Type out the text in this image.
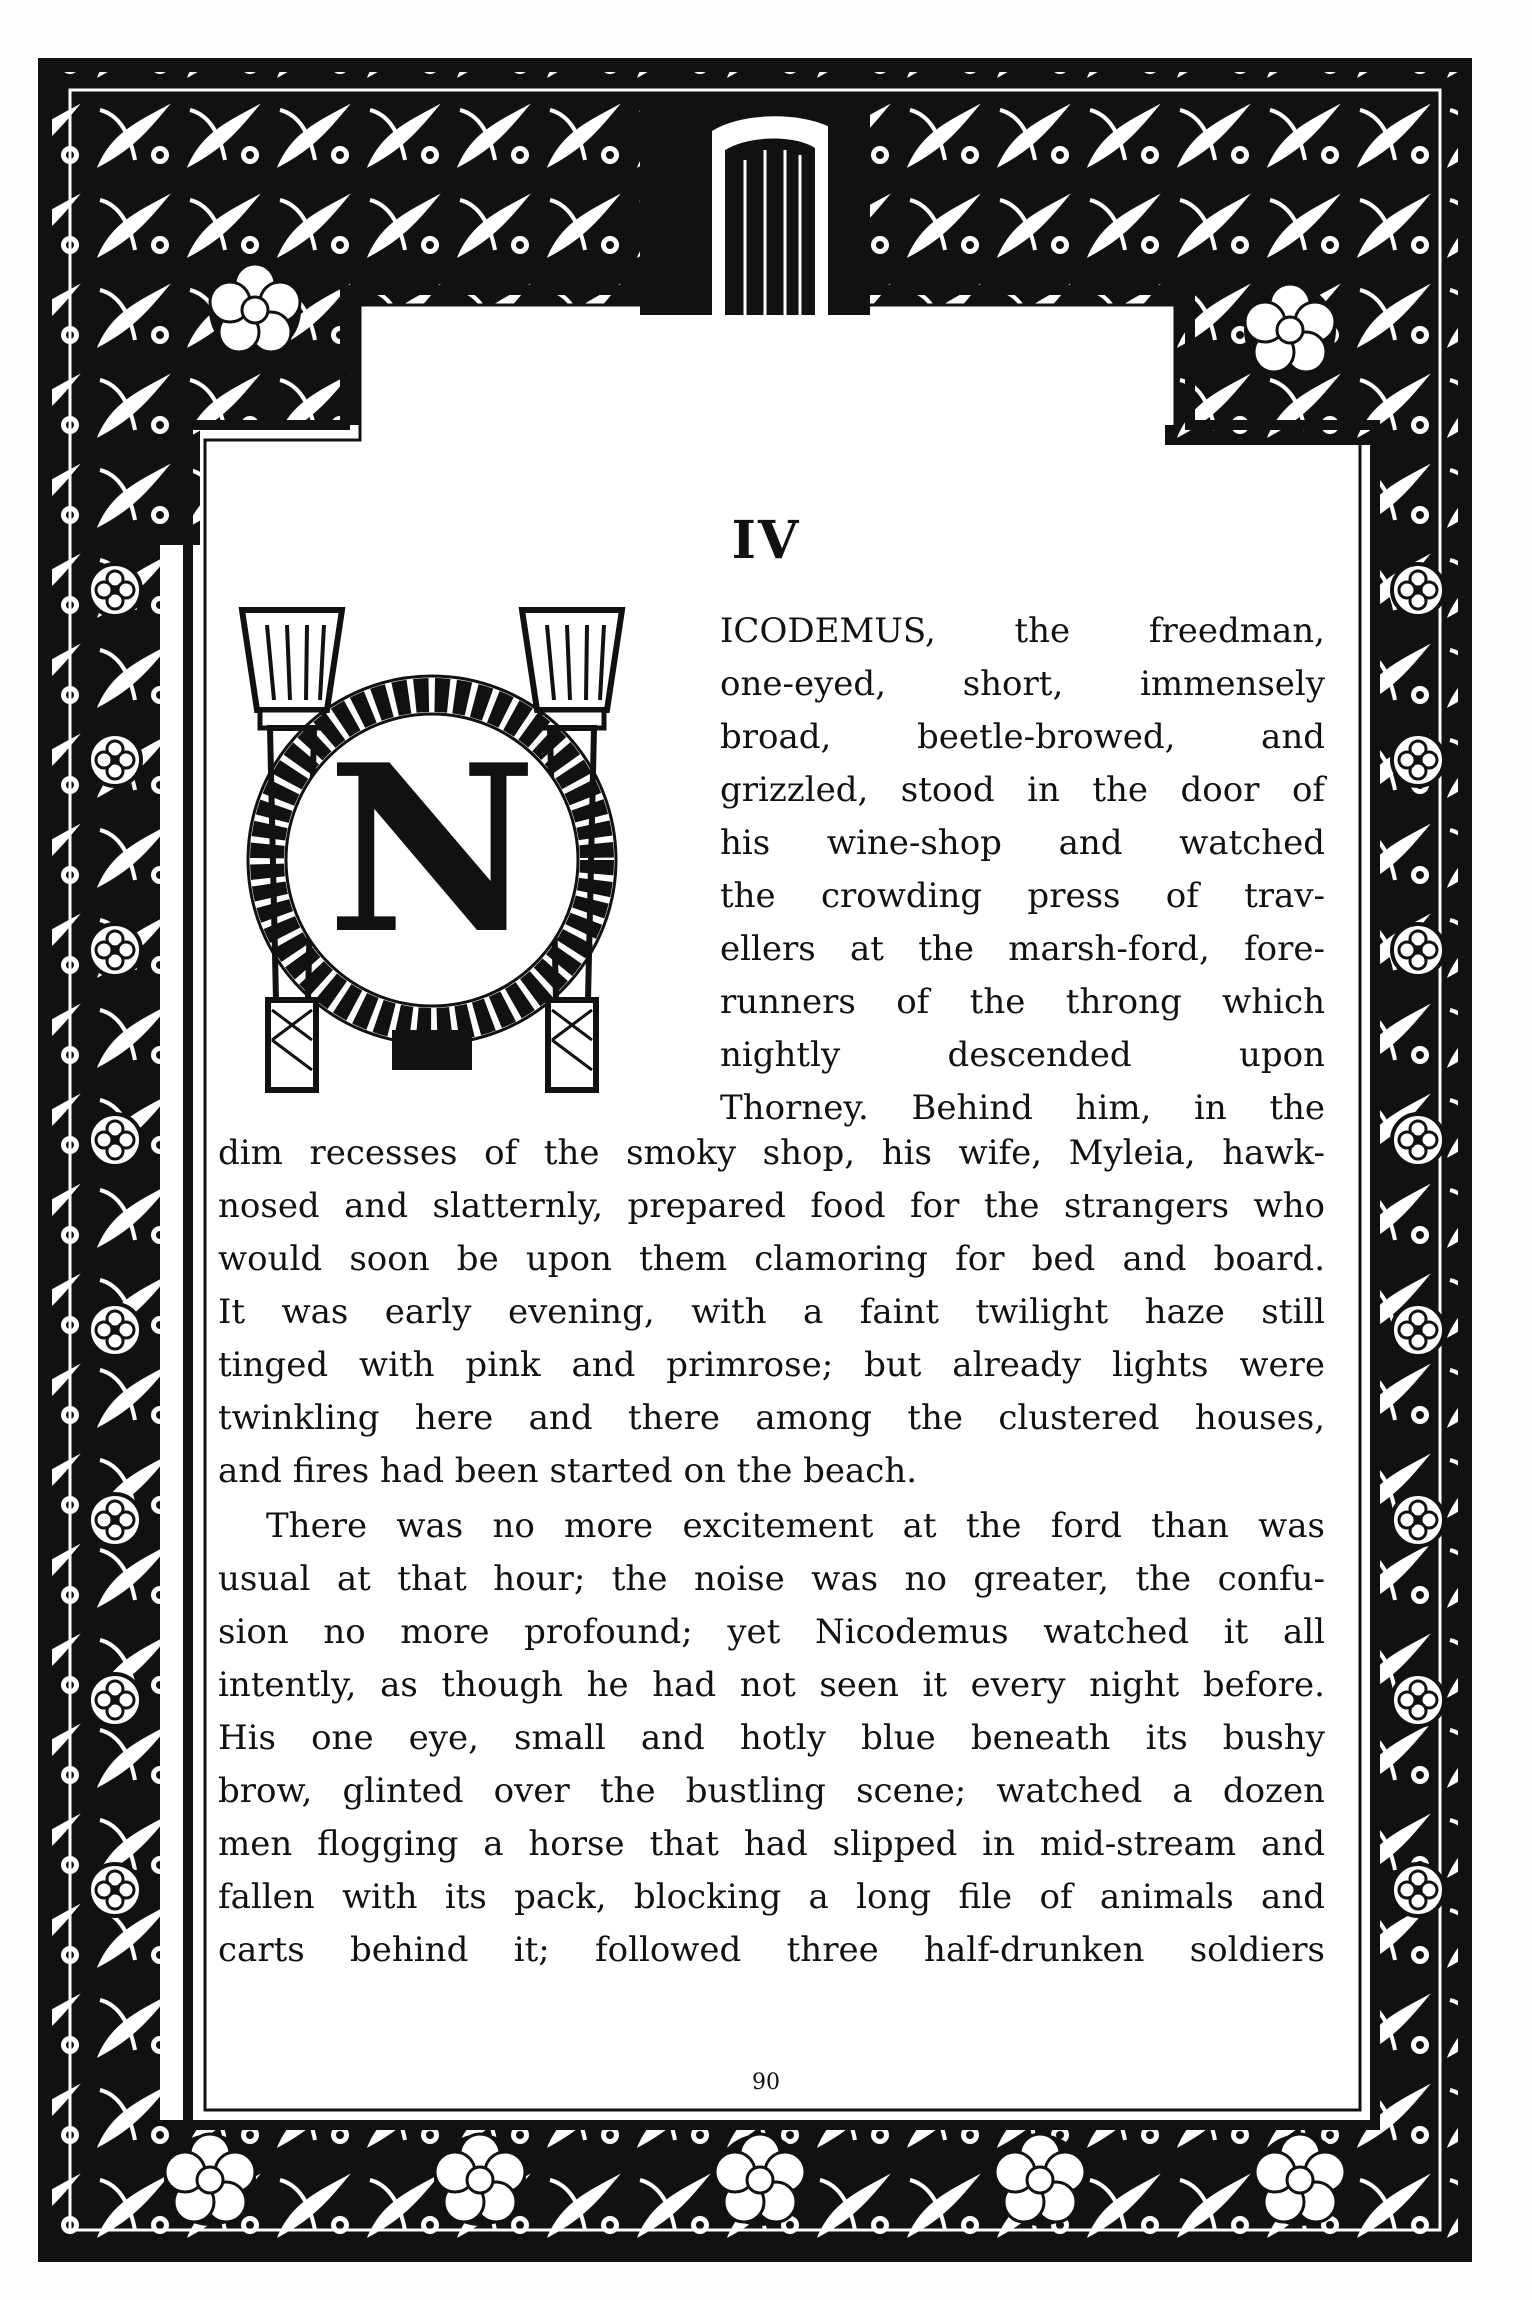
N
IV
ICODEMUS, the freedman,
one-eyed, short, immensely
broad, beetle-browed, and
grizzled, stood in the door of
his wine-shop and watched
the crowding press of trav-
ellers at the marsh-ford, fore-
runners of the throng which
nightly descended upon
Thorney. Behind him, in the
dim recesses of the smoky shop, his wife, Myleia, hawk-
nosed and slatternly, prepared food for the strangers who
would soon be upon them clamoring for bed and board.
It was early evening, with a faint twilight haze still
tinged with pink and primrose; but already lights were
twinkling here and there among the clustered houses,
and fires had been started on the beach.
There was no more excitement at the ford than was
usual at that hour; the noise was no greater, the confu-
sion no more profound; yet Nicodemus watched it all
intently, as though he had not seen it every night before.
His one eye, small and hotly blue beneath its bushy
brow, glinted over the bustling scene; watched a dozen
men flogging a horse that had slipped in mid-stream and
fallen with its pack, blocking a long file of animals and
carts behind it; followed three half-drunken soldiers
90
